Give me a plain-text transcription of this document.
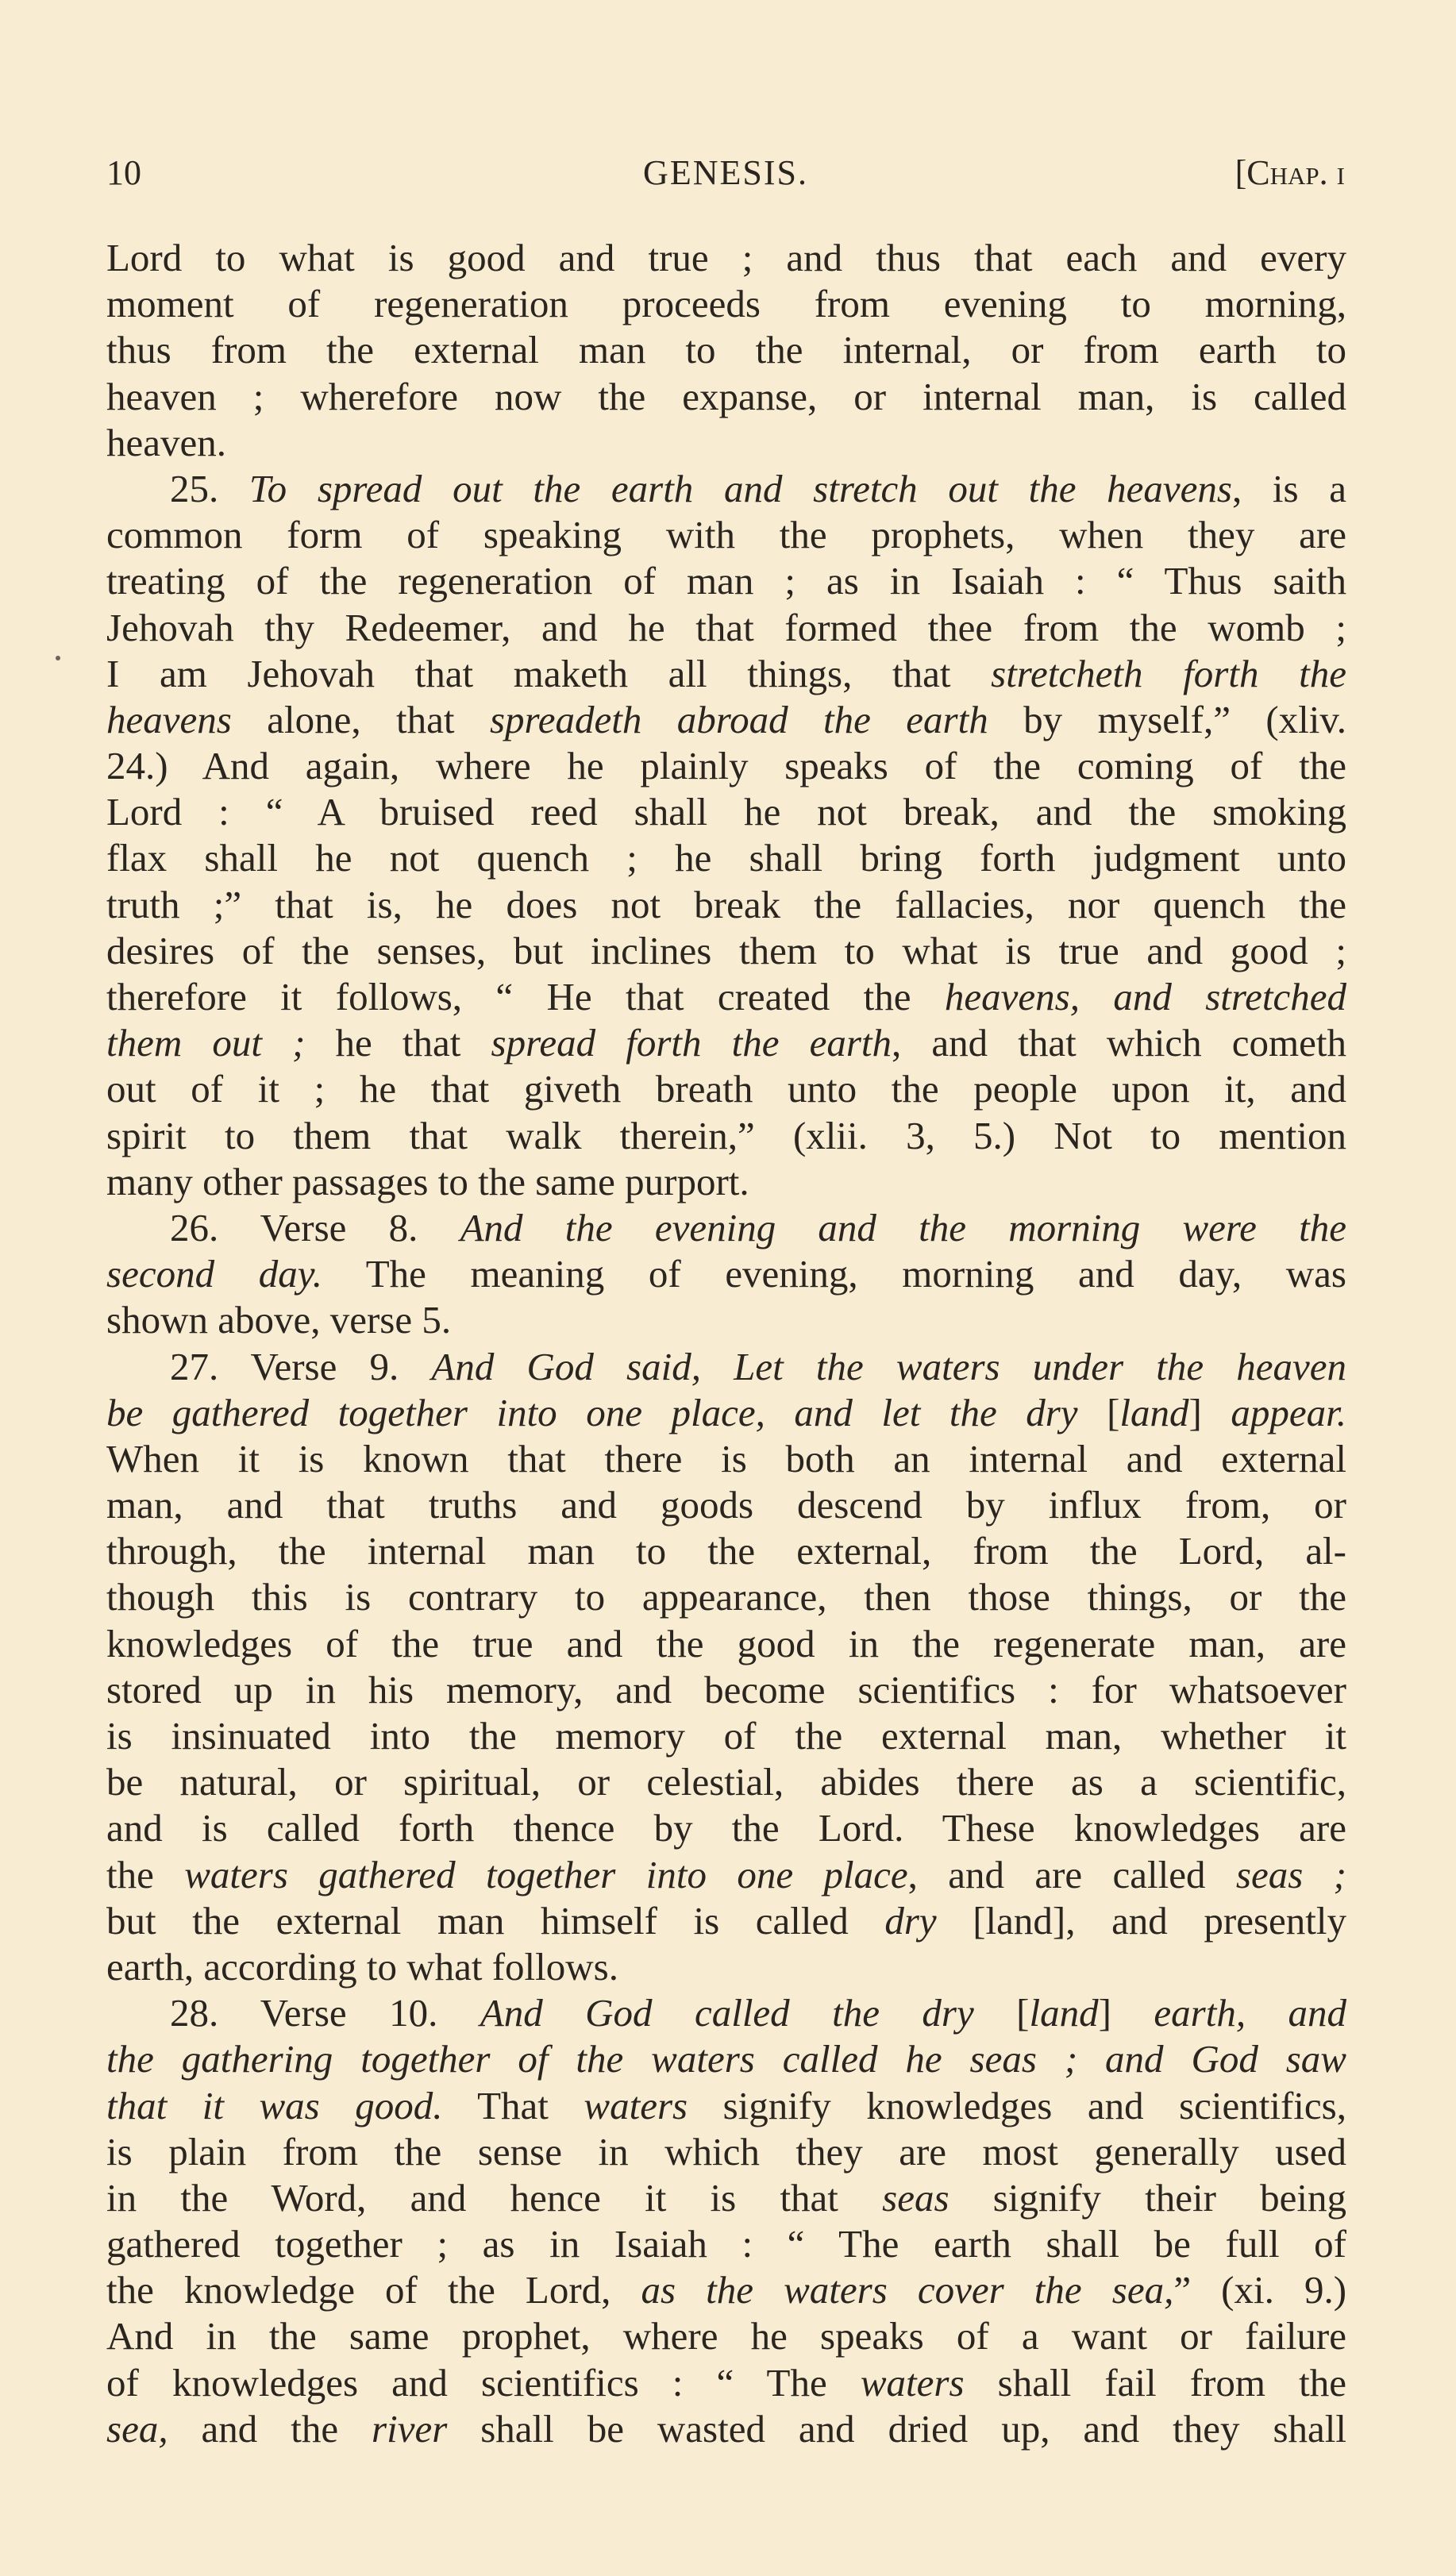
10	GENESIS.	[Chap. i
Lord to what is good and true ; and thus that each and every
moment of regeneration proceeds from evening to morning,
thus from the external man to the internal, or from earth to
heaven ; wherefore now the expanse, or internal man, is called
heaven.
25. To spread out the earth and stretch out the heavens, is a
common form of speaking with the prophets, when they are
treating of the regeneration of man ; as in Isaiah : “ Thus saith
Jehovah thy Redeemer, and he that formed thee from the womb ;
I am Jehovah that maketh all things, that stretcheth forth the
heavens alone, that spreadeth abroad the earth by myself,” (xliv.
24.) And again, where he plainly speaks of the coming of the
Lord : “ A bruised reed shall he not break, and the smoking
flax shall he not quench ; he shall bring forth judgment unto
truth ;” that is, he does not break the fallacies, nor quench the
desires of the senses, but inclines them to what is true and good ;
therefore it follows, “ He that created the heavens, and stretched
them out ; he that spread forth the earth, and that which cometh
out of it ; he that giveth breath unto the people upon it, and
spirit to them that walk therein,” (xlii. 3, 5.) Not to mention
many other passages to the same purport.
26. Verse 8. And the evening and the morning were the
second day. The meaning of evening, morning and day, was
shown above, verse 5.
27. Verse 9. And God said, Let the waters under the heaven
be gathered together into one place, and let the dry [land] appear.
When it is known that there is both an internal and external
man, and that truths and goods descend by influx from, or
through, the internal man to the external, from the Lord, al-
though this is contrary to appearance, then those things, or the
knowledges of the true and the good in the regenerate man, are
stored up in his memory, and become scientifics : for whatsoever
is insinuated into the memory of the external man, whether it
be natural, or spiritual, or celestial, abides there as a scientific,
and is called forth thence by the Lord. These knowledges are
the waters gathered together into one place, and are called seas ;
but the external man himself is called dry [land], and presently
earth, according to what follows.
28. Verse 10. And God called the dry [land] earth, and
the gathering together of the waters called he seas ; and God saw
that it was good. That waters signify knowledges and scientifics,
is plain from the sense in which they are most generally used
in the Word, and hence it is that seas signify their being
gathered together ; as in Isaiah : “ The earth shall be full of
the knowledge of the Lord, as the waters cover the sea,” (xi. 9.)
And in the same prophet, where he speaks of a want or failure
of knowledges and scientifics : “ The waters shall fail from the
sea, and the river shall be wasted and dried up, and they shall
